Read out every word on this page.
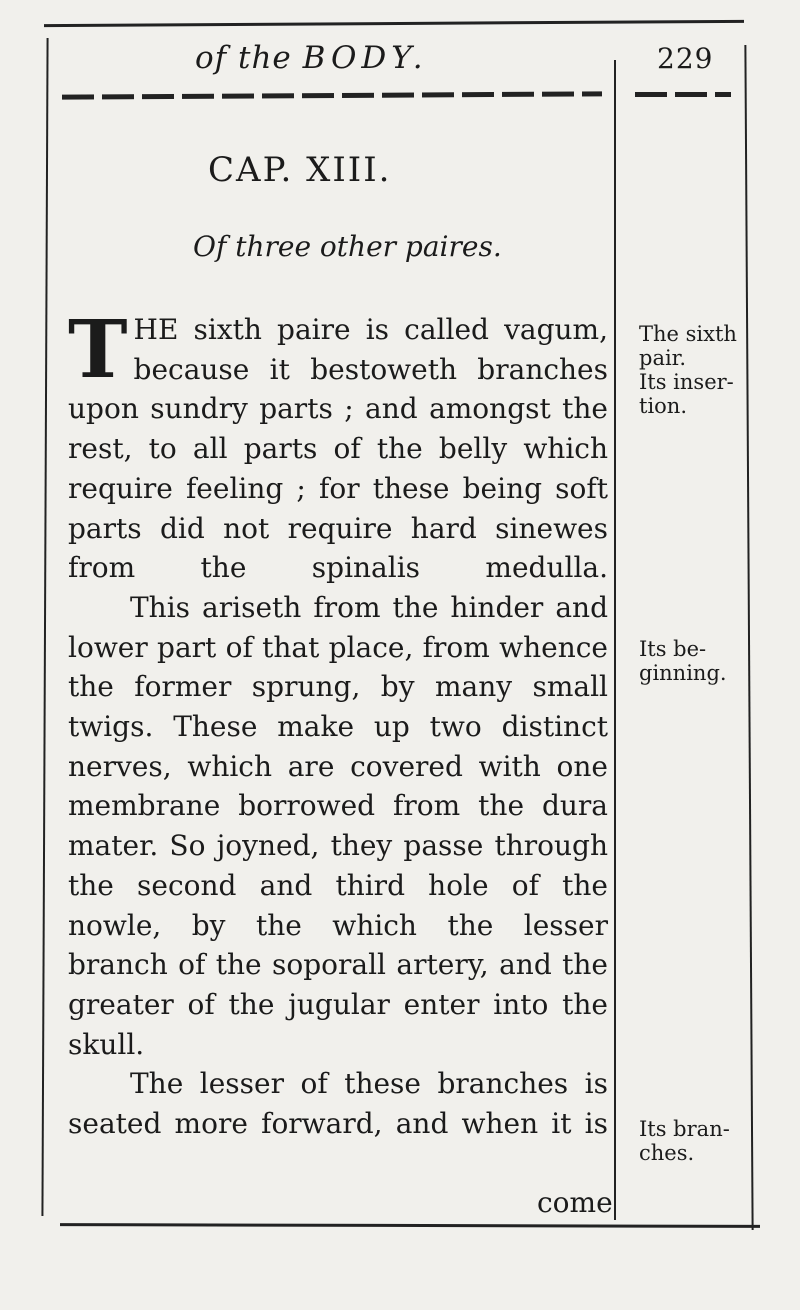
of the BODY.	229
CAP. XIII.
Of three other paires.

THE sixth paire is called vagum, because it bestoweth branches upon sundry parts ; and amongst the rest, to all parts of the belly which require feeling ; for these being soft parts did not require hard sinewes from the spinalis medulla.

This ariseth from the hinder and lower part of that place, from whence the former sprung, by many small twigs. These make up two distinct nerves, which are covered with one membrane borrowed from the dura mater. So joyned, they passe through the second and third hole of the nowle, by the which the lesser branch of the soporall artery, and the greater of the jugular enter into the skull.

The lesser of these branches is seated more forward, and when it is

come
The sixth pair.
Its inser-
tion.
Its be-
ginning.
Its bran-
ches.
